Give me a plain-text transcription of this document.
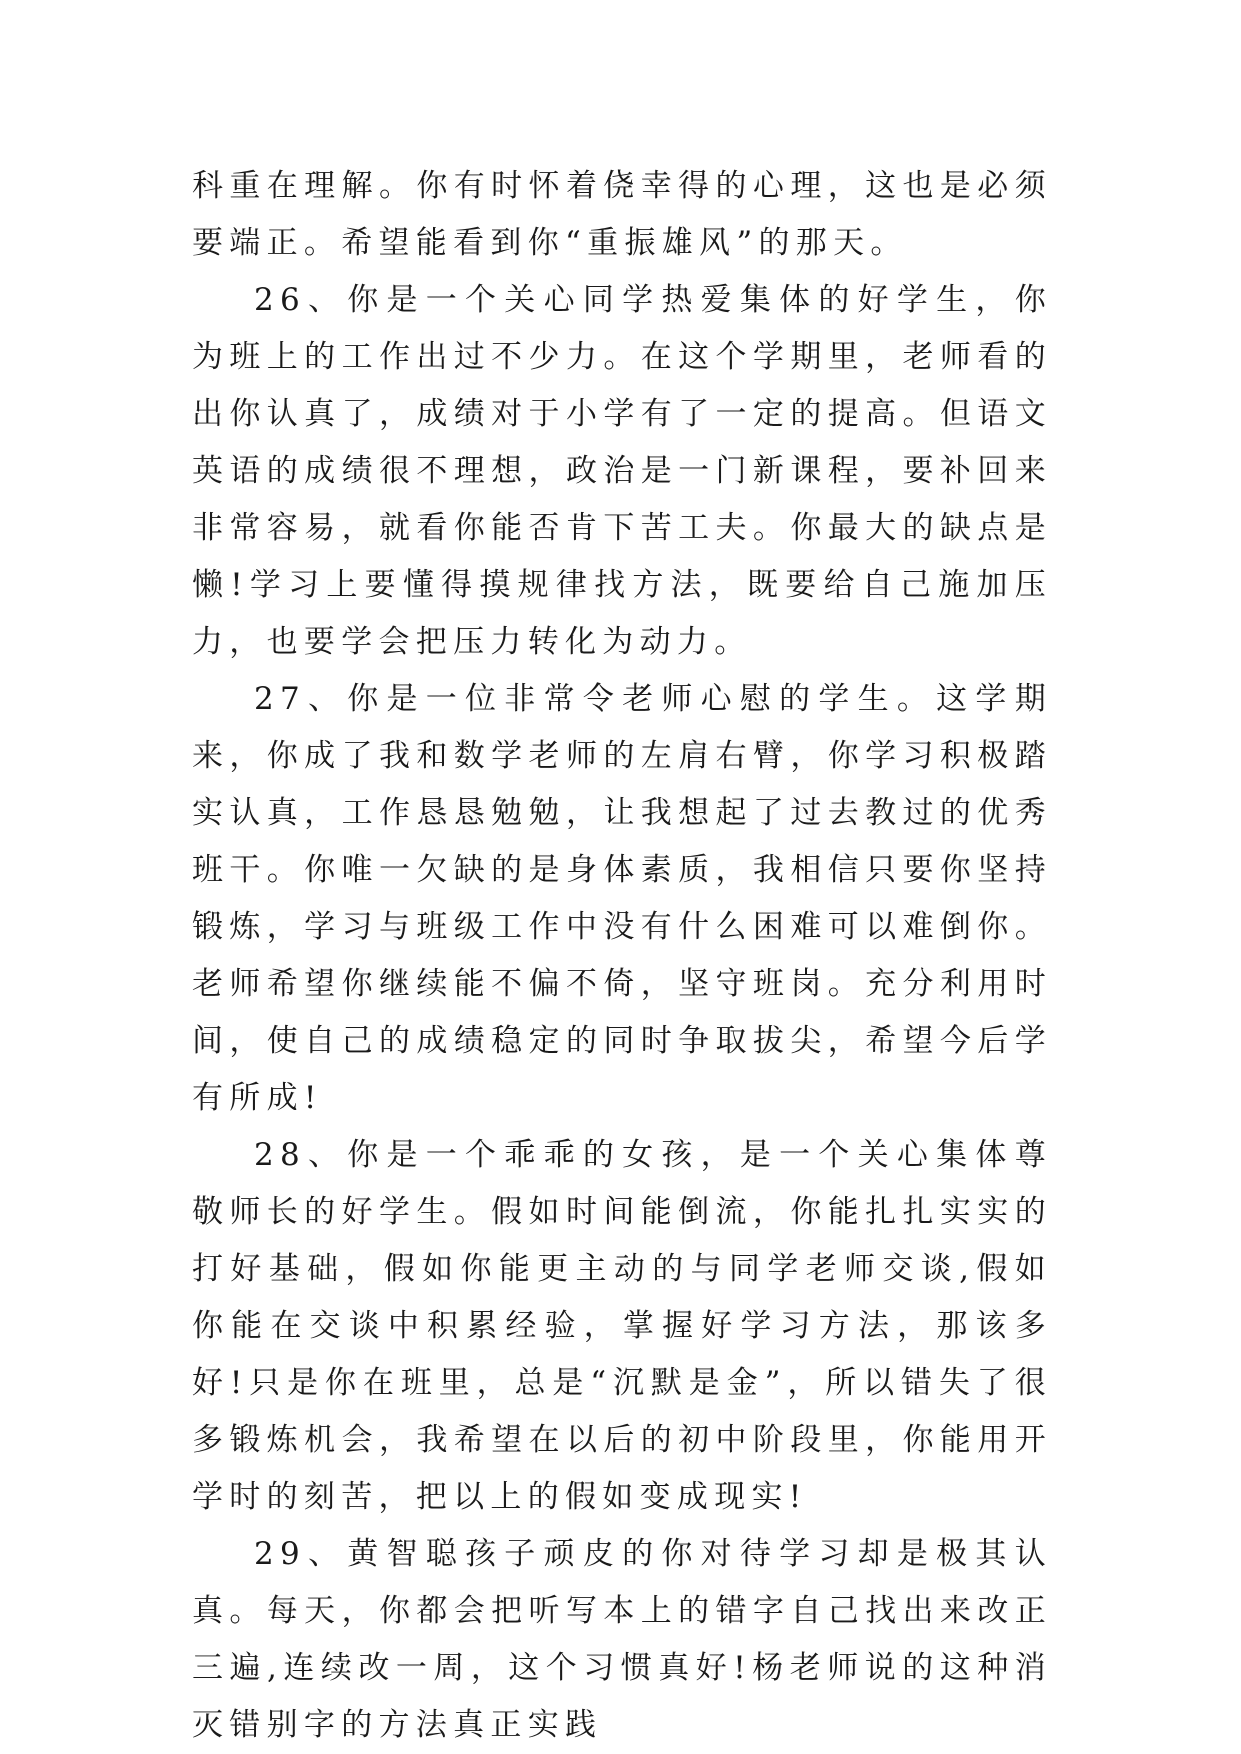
科重在理解。你有时怀着侥幸得的心理，这也是必须要端正。希望能看到你“重振雄风”的那天。

26、你是一个关心同学热爱集体的好学生，你为班上的工作出过不少力。在这个学期里，老师看的出你认真了，成绩对于小学有了一定的提高。但语文英语的成绩很不理想，政治是一门新课程，要补回来非常容易，就看你能否肯下苦工夫。你最大的缺点是懒!学习上要懂得摸规律找方法，既要给自己施加压力，也要学会把压力转化为动力。

27、你是一位非常令老师心慰的学生。这学期来，你成了我和数学老师的左肩右臂，你学习积极踏实认真，工作恳恳勉勉，让我想起了过去教过的优秀班干。你唯一欠缺的是身体素质，我相信只要你坚持锻炼，学习与班级工作中没有什么困难可以难倒你。老师希望你继续能不偏不倚，坚守班岗。充分利用时间，使自己的成绩稳定的同时争取拔尖，希望今后学有所成!

28、你是一个乖乖的女孩，是一个关心集体尊敬师长的好学生。假如时间能倒流，你能扎扎实实的打好基础，假如你能更主动的与同学老师交谈,假如你能在交谈中积累经验，掌握好学习方法，那该多好!只是你在班里，总是“沉默是金”，所以错失了很多锻炼机会，我希望在以后的初中阶段里，你能用开学时的刻苦，把以上的假如变成现实!

29、黄智聪孩子顽皮的你对待学习却是极其认真。每天，你都会把听写本上的错字自己找出来改正三遍,连续改一周，这个习惯真好!杨老师说的这种消灭错别字的方法真正实践
